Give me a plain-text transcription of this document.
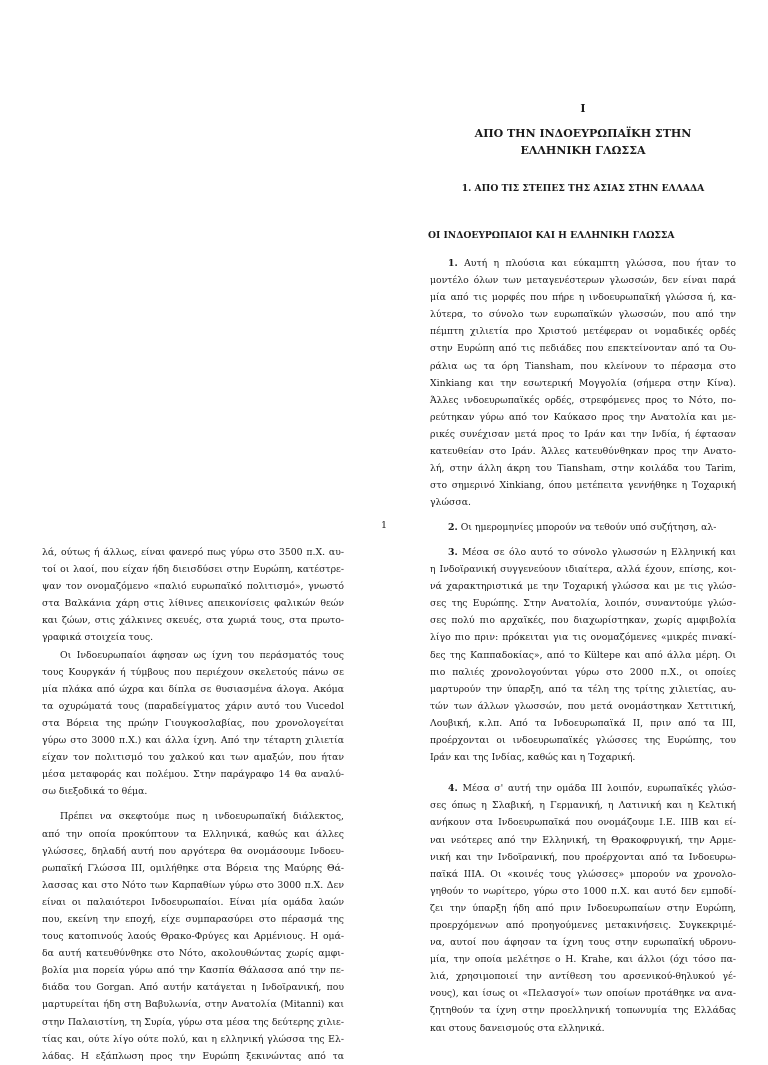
I
ΑΠΟ ΤΗΝ ΙΝΔΟΕΥΡΩΠΑΪΚΗ ΣΤΗΝ
ΕΛΛΗΝΙΚΗ ΓΛΩΣΣΑ
1. ΑΠΟ ΤΙΣ ΣΤΕΠΕΣ ΤΗΣ ΑΣΙΑΣ ΣΤΗΝ ΕΛΛΑΔΑ
ΟΙ ΙΝΔΟΕΥΡΩΠΑΙΟΙ ΚΑΙ Η ΕΛΛΗΝΙΚΗ ΓΛΩΣΣΑ

1. Αυτή η πλούσια και εύκαμπτη γλώσσα, που ήταν το
μοντέλο όλων των μεταγενέστερων γλωσσών, δεν είναι παρά
μία από τις μορφές που πήρε η ινδοευρωπαϊκή γλώσσα ή, κα-
λύτερα, το σύνολο των ευρωπαϊκών γλωσσών, που από την
πέμπτη χιλιετία προ Χριστού μετέφεραν οι νομαδικές ορδές
στην Ευρώπη από τις πεδιάδες που επεκτείνονταν από τα Ου-
ράλια ως τα όρη Tiansham, που κλείνουν το πέρασμα στο
Xinkiang και την εσωτερική Μογγολία (σήμερα στην Κίνα).
Άλλες ινδοευρωπαϊκές ορδές, στρεφόμενες προς το Νότο, πο-
ρεύτηκαν γύρω από τον Καύκασο προς την Ανατολία και με-
ρικές συνέχισαν μετά προς το Ιράν και την Ινδία, ή έφτασαν
κατευθείαν στο Ιράν. Άλλες κατευθύνθηκαν προς την Ανατο-
λή, στην άλλη άκρη του Tiansham, στην κοιλάδα του Tarim,
στο σημερινό Xinkiang, όπου μετέπειτα γεννήθηκε η Τοχαρική
γλώσσα.

2. Οι ημερομηνίες μπορούν να τεθούν υπό συζήτηση, αλ-

1

λά, ούτως ή άλλως, είναι φανερό πως γύρω στο 3500 π.Χ. αυ-
τοί οι λαοί, που είχαν ήδη διεισδύσει στην Ευρώπη, κατέστρε-
ψαν τον ονομαζόμενο «παλιό ευρωπαϊκό πολιτισμό», γνωστό
στα Βαλκάνια χάρη στις λίθινες απεικονίσεις φαλικών θεών
και ζώων, στις χάλκινες σκευές, στα χωριά τους, στα πρωτο-
γραφικά στοιχεία τους.

Οι Ινδοευρωπαίοι άφησαν ως ίχνη του περάσματός τους
τους Κουργκάν ή τύμβους που περιέχουν σκελετούς πάνω σε
μία πλάκα από ώχρα και δίπλα σε θυσιασμένα άλογα. Ακόμα
τα οχυρώματά τους (παραδείγματος χάριν αυτό του Vucedol
στα Βόρεια της πρώην Γιουγκοσλαβίας, που χρονολογείται
γύρω στο 3000 π.Χ.) και άλλα ίχνη. Από την τέταρτη χιλιετία
είχαν τον πολιτισμό του χαλκού και των αμαξών, που ήταν
μέσα μεταφοράς και πολέμου. Στην παράγραφο 14 θα αναλύ-
σω διεξοδικά το θέμα.

Πρέπει να σκεφτούμε πως η ινδοευρωπαϊκή διάλεκτος,
από την οποία προκύπτουν τα Ελληνικά, καθώς και άλλες
γλώσσες, δηλαδή αυτή που αργότερα θα ονομάσουμε Ινδοευ-
ρωπαϊκή Γλώσσα ΙΙΙ, ομιλήθηκε στα Βόρεια της Μαύρης Θά-
λασσας και στο Νότο των Καρπαθίων γύρω στο 3000 π.Χ. Δεν
είναι οι παλαιότεροι Ινδοευρωπαίοι. Είναι μία ομάδα λαών
που, εκείνη την εποχή, είχε συμπαρασύρει στο πέρασμά της
τους κατοπινούς λαούς Θρακο-Φρύγες και Αρμένιους. Η ομά-
δα αυτή κατευθύνθηκε στο Νότο, ακολουθώντας χωρίς αμφι-
βολία μια πορεία γύρω από την Κασπία Θάλασσα από την πε-
διάδα του Gorgan. Από αυτήν κατάγεται η Ινδοϊρανική, που
μαρτυρείται ήδη στη Βαβυλωνία, στην Ανατολία (Mitanni) και
στην Παλαιστίνη, τη Συρία, γύρω στα μέσα της δεύτερης χιλιε-
τίας και, ούτε λίγο ούτε πολύ, και η ελληνική γλώσσα της Ελ-
λάδας. Η εξάπλωση προς την Ευρώπη ξεκινώντας από τα

3. Μέσα σε όλο αυτό το σύνολο γλωσσών η Ελληνική και
η Ινδοϊρανική συγγενεύουν ιδιαίτερα, αλλά έχουν, επίσης, κοι-
νά χαρακτηριστικά με την Τοχαρική γλώσσα και με τις γλώσ-
σες της Ευρώπης. Στην Ανατολία, λοιπόν, συναντούμε γλώσ-
σες πολύ πιο αρχαϊκές, που διαχωρίστηκαν, χωρίς αμφιβολία
λίγο πιο πριν: πρόκειται για τις ονομαζόμενες «μικρές πινακί-
δες της Καππαδοκίας», από το Kültepe και από άλλα μέρη. Οι
πιο παλιές χρονολογούνται γύρω στο 2000 π.Χ., οι οποίες
μαρτυρούν την ύπαρξη, από τα τέλη της τρίτης χιλιετίας, αυ-
τών των άλλων γλωσσών, που μετά ονομάστηκαν Χεττιτική,
Λουβική, κ.λπ. Από τα Ινδοευρωπαϊκά ΙΙ, πριν από τα ΙΙΙ,
προέρχονται οι ινδοευρωπαϊκές γλώσσες της Ευρώπης, του
Ιράν και της Ινδίας, καθώς και η Τοχαρική.

4. Μέσα σ' αυτή την ομάδα ΙΙΙ λοιπόν, ευρωπαϊκές γλώσ-
σες όπως η Σλαβική, η Γερμανική, η Λατινική και η Κελτική
ανήκουν στα Ινδοευρωπαϊκά που ονομάζουμε Ι.Ε. ΙΙΙΒ και εί-
ναι νεότερες από την Ελληνική, τη Θρακοφρυγική, την Αρμε-
νική και την Ινδοϊρανική, που προέρχονται από τα Ινδοευρω-
παϊκά ΙΙΙΑ. Οι «κοινές τους γλώσσες» μπορούν να χρονολο-
γηθούν το νωρίτερο, γύρω στο 1000 π.Χ. και αυτό δεν εμποδί-
ζει την ύπαρξη ήδη από πριν Ινδοευρωπαίων στην Ευρώπη,
προερχόμενων από προηγούμενες μετακινήσεις. Συγκεκριμέ-
να, αυτοί που άφησαν τα ίχνη τους στην ευρωπαϊκή υδρονυ-
μία, την οποία μελέτησε ο H. Krahe, και άλλοι (όχι τόσο πα-
λιά, χρησιμοποιεί την αντίθεση του αρσενικού-θηλυκού γέ-
νους), και ίσως οι «Πελασγοί» των οποίων προτάθηκε να ανα-
ζητηθούν τα ίχνη στην προελληνική τοπωνυμία της Ελλάδας
και στους δανεισμούς στα ελληνικά.
